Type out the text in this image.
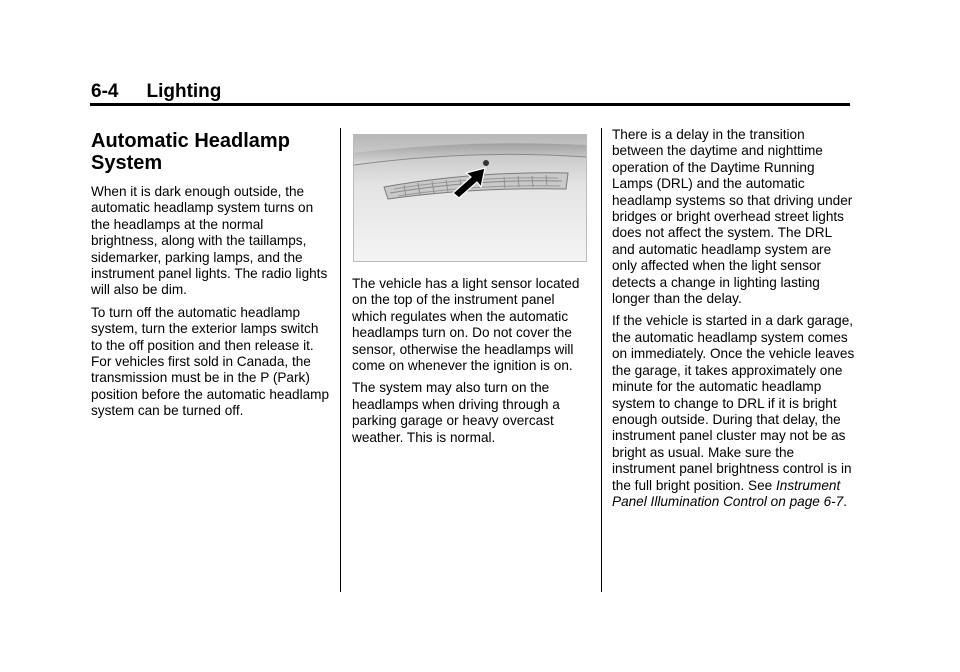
6-4 Lighting
Automatic Headlamp
System

When it is dark enough outside, the automatic headlamp system turns on the headlamps at the normal brightness, along with the taillamps, sidemarker, parking lamps, and the instrument panel lights. The radio lights will also be dim.

To turn off the automatic headlamp system, turn the exterior lamps switch to the off position and then release it. For vehicles first sold in Canada, the transmission must be in the P (Park) position before the automatic headlamp system can be turned off.

The vehicle has a light sensor located on the top of the instrument panel which regulates when the automatic headlamps turn on. Do not cover the sensor, otherwise the headlamps will come on whenever the ignition is on.

The system may also turn on the headlamps when driving through a parking garage or heavy overcast weather. This is normal.

There is a delay in the transition between the daytime and nighttime operation of the Daytime Running Lamps (DRL) and the automatic headlamp systems so that driving under bridges or bright overhead street lights does not affect the system. The DRL and automatic headlamp system are only affected when the light sensor detects a change in lighting lasting longer than the delay.

If the vehicle is started in a dark garage, the automatic headlamp system comes on immediately. Once the vehicle leaves the garage, it takes approximately one minute for the automatic headlamp system to change to DRL if it is bright enough outside. During that delay, the instrument panel cluster may not be as bright as usual. Make sure the instrument panel brightness control is in the full bright position. See Instrument Panel Illumination Control on page 6-7.
